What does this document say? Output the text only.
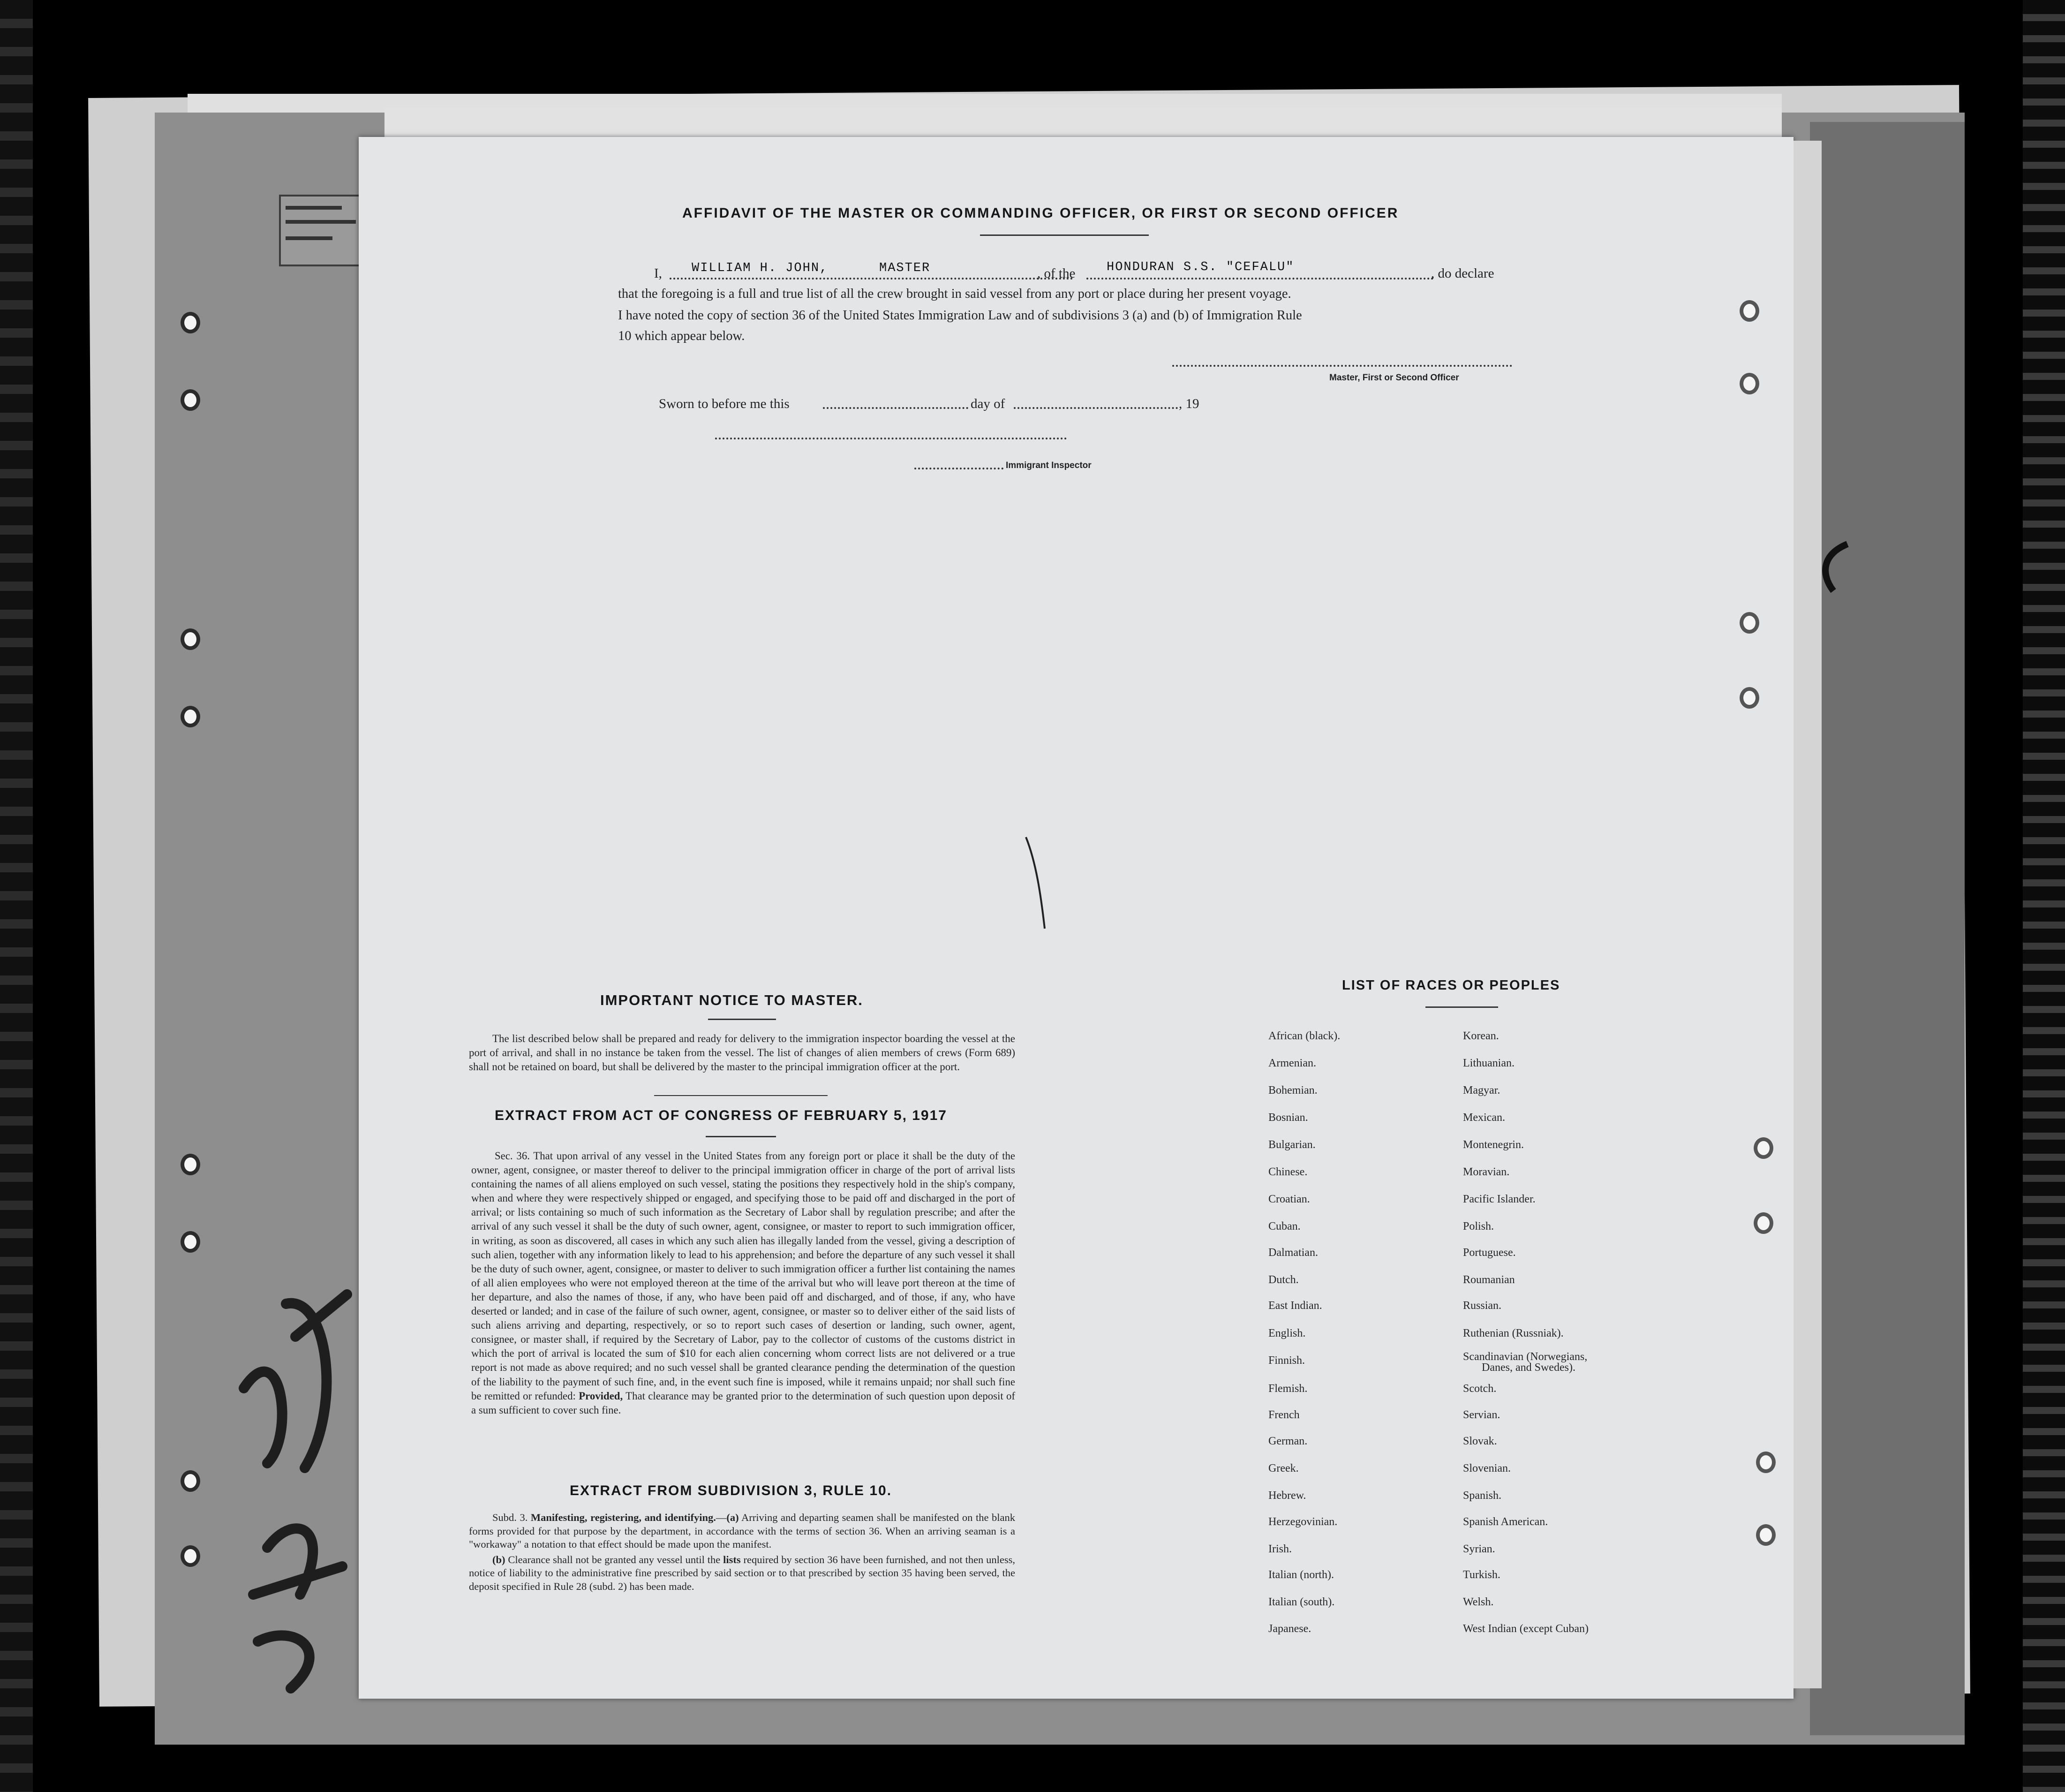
AFFIDAVIT OF THE MASTER OR COMMANDING OFFICER, OR FIRST OR SECOND OFFICER
I, WILLIAM H. JOHN,	MASTER	, of the HONDURAN S.S. "CEFALU"	, do declare
that the foregoing is a full and true list of all the crew brought in said vessel from any port or place during her present voyage.
I have noted the copy of section 36 of the United States Immigration Law and of subdivisions 3 (a) and (b) of Immigration Rule
10 which appear below.
Master, First or Second Officer
Sworn to before me this	day of	, 19
Immigrant Inspector
IMPORTANT NOTICE TO MASTER.

The list described below shall be prepared and ready for delivery to the immigration inspector boarding the vessel at the port of arrival, and shall in no instance be taken from the vessel. The list of changes of alien members of crews (Form 689) shall not be retained on board, but shall be delivered by the master to the principal immigration officer at the port.

EXTRACT FROM ACT OF CONGRESS OF FEBRUARY 5, 1917

Sec. 36. That upon arrival of any vessel in the United States from any foreign port or place it shall be the duty of the owner, agent, consignee, or master thereof to deliver to the principal immigration officer in charge of the port of arrival lists containing the names of all aliens employed on such vessel, stating the positions they respectively hold in the ship's company, when and where they were respectively shipped or engaged, and specifying those to be paid off and discharged in the port of arrival; or lists containing so much of such information as the Secretary of Labor shall by regulation prescribe; and after the arrival of any such vessel it shall be the duty of such owner, agent, consignee, or master to report to such immigration officer, in writing, as soon as discovered, all cases in which any such alien has illegally landed from the vessel, giving a description of such alien, together with any information likely to lead to his apprehension; and before the departure of any such vessel it shall be the duty of such owner, agent, consignee, or master to deliver to such immigration officer a further list containing the names of all alien employees who were not employed thereon at the time of the arrival but who will leave port thereon at the time of her departure, and also the names of those, if any, who have been paid off and discharged, and of those, if any, who have deserted or landed; and in case of the failure of such owner, agent, consignee, or master so to deliver either of the said lists of such aliens arriving and departing, respectively, or so to report such cases of desertion or landing, such owner, agent, consignee, or master shall, if required by the Secretary of Labor, pay to the collector of customs of the customs district in which the port of arrival is located the sum of $10 for each alien concerning whom correct lists are not delivered or a true report is not made as above required; and no such vessel shall be granted clearance pending the determination of the question of the liability to the payment of such fine, and, in the event such fine is imposed, while it remains unpaid; nor shall such fine be remitted or refunded: Provided, That clearance may be granted prior to the determination of such question upon deposit of a sum sufficient to cover such fine.

EXTRACT FROM SUBDIVISION 3, RULE 10.

Subd. 3. Manifesting, registering, and identifying.—(a) Arriving and departing seamen shall be manifested on the blank forms provided for that purpose by the department, in accordance with the terms of section 36. When an arriving seaman is a "workaway" a notation to that effect should be made upon the manifest.

(b) Clearance shall not be granted any vessel until the lists required by section 36 have been furnished, and not then unless, notice of liability to the administrative fine prescribed by said section or to that prescribed by section 35 having been served, the deposit specified in Rule 28 (subd. 2) has been made.

LIST OF RACES OR PEOPLES
African (black).
Armenian.
Bohemian.
Bosnian.
Bulgarian.
Chinese.
Croatian.
Cuban.
Dalmatian.
Dutch.
East Indian.
English.
Finnish.
Flemish.
French
German.
Greek.
Hebrew.
Herzegovinian.
Irish.
Italian (north).
Italian (south).
Japanese.
Korean.
Lithuanian.
Magyar.
Mexican.
Montenegrin.
Moravian.
Pacific Islander.
Polish.
Portuguese.
Roumanian
Russian.
Ruthenian (Russniak).
Scandinavian (Norwegians,
Scotch.
Servian.
Slovak.
Slovenian.
Spanish.
Spanish American.
Syrian.
Turkish.
Welsh.
West Indian (except Cuban)
Danes, and Swedes).
